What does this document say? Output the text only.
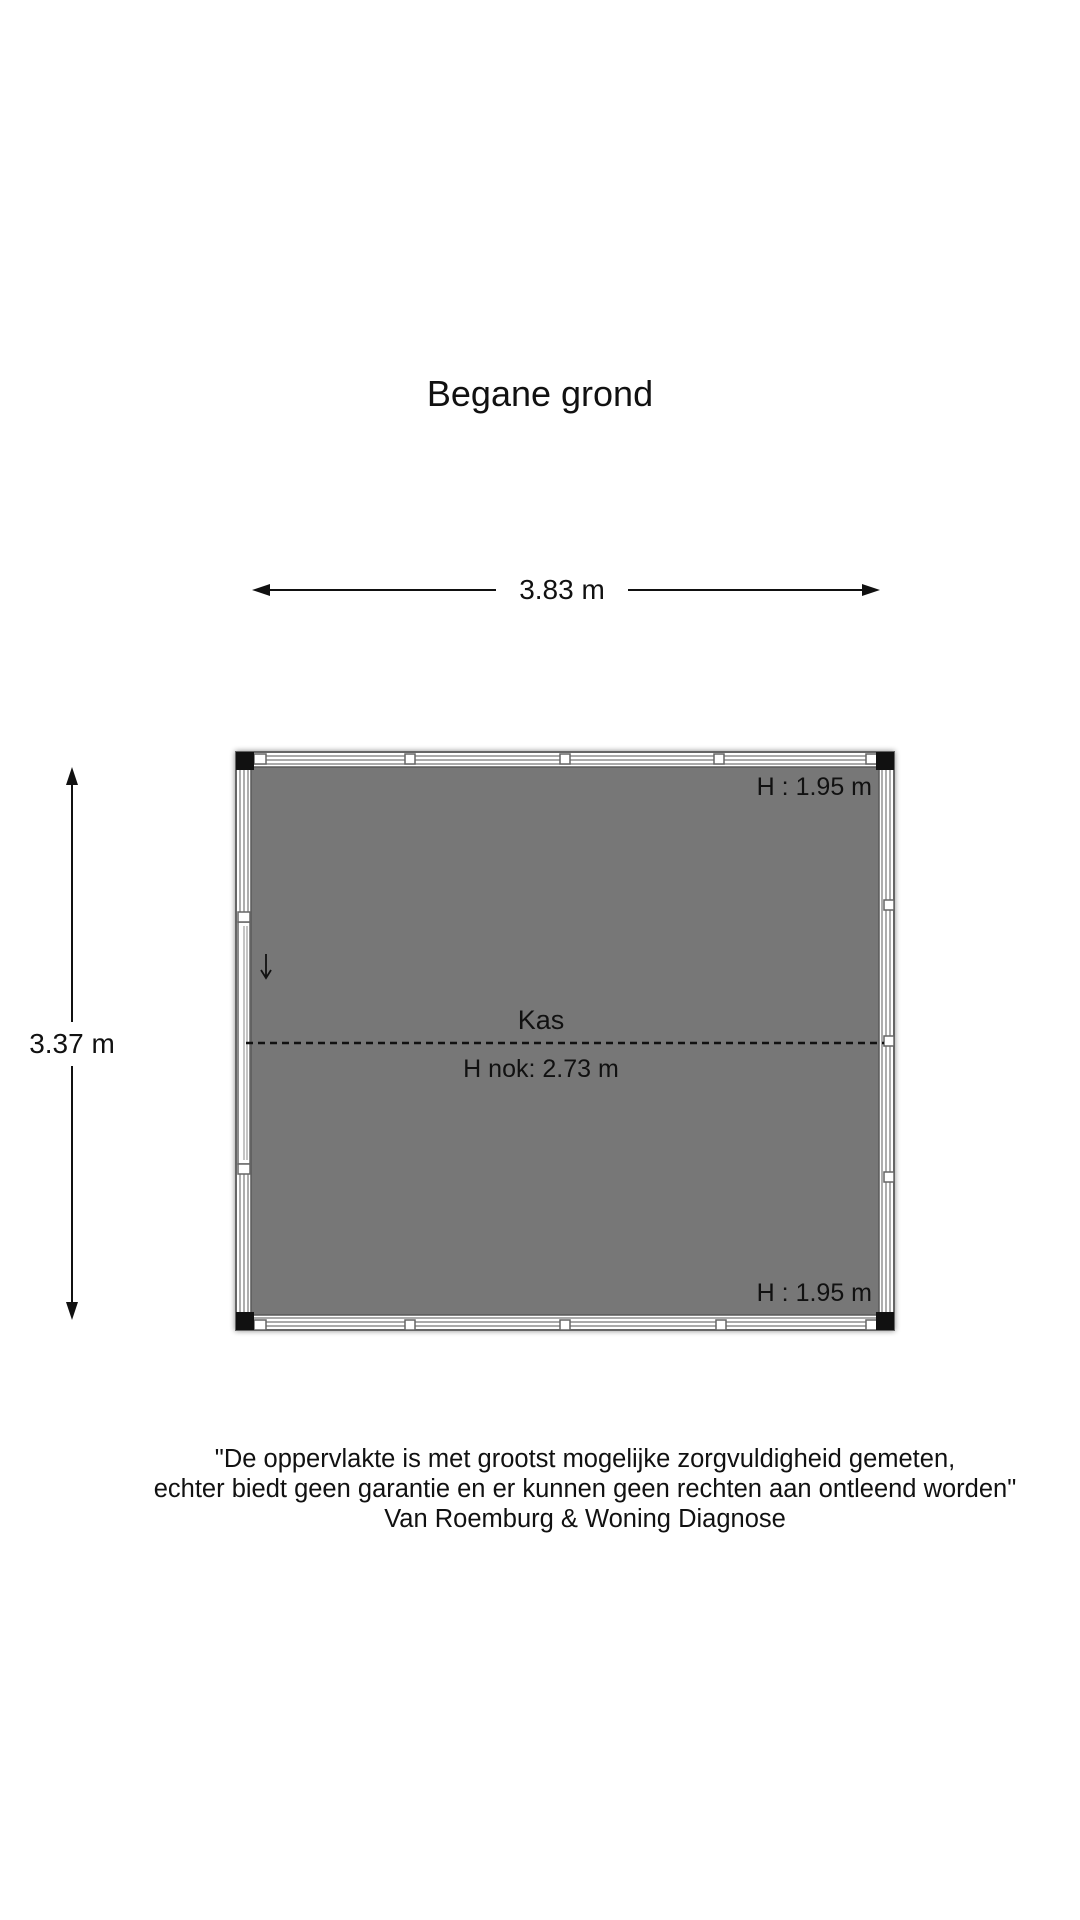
Begane grond
3.83 m
3.37 m
H : 1.95 m
Kas
H nok: 2.73 m
H : 1.95 m
"De oppervlakte is met grootst mogelijke zorgvuldigheid gemeten,
echter biedt geen garantie en er kunnen geen rechten aan ontleend worden"
Van Roemburg & Woning Diagnose
